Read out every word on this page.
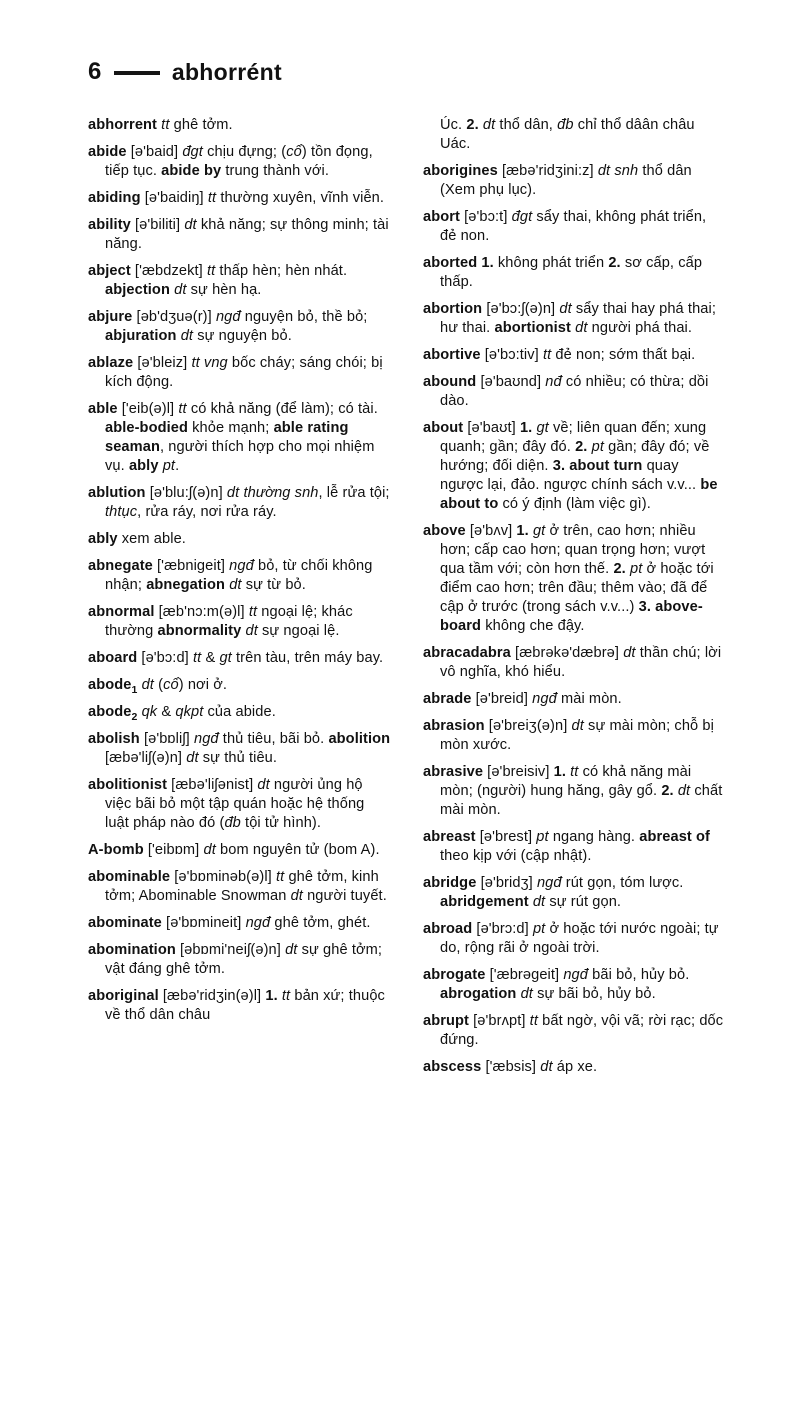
6	abhorrént
abhorrent tt ghê tởm.
abide [ə'baid] đgt chịu đựng; (cổ) tồn đọng, tiếp tục. abide by trung thành với.
abiding [ə'baidiŋ] tt thường xuyên, vĩnh viễn.
ability [ə'biliti] dt khả năng; sự thông minh; tài năng.
abject ['æbdzekt] tt thấp hèn; hèn nhát. abjection dt sự hèn hạ.
abjure [əb'dʒuə(r)] ngđ nguyện bỏ, thề bỏ; abjuration dt sự nguyện bỏ.
ablaze [ə'bleiz] tt vng bốc cháy; sáng chói; bị kích động.
able ['eib(ə)l] tt có khả năng (để làm); có tài. able-bodied khỏe mạnh; able rating seaman, người thích hợp cho mọi nhiệm vụ. ably pt.
ablution [ə'blu:ʃ(ə)n] dt thường snh, lễ rửa tội; thtục, rửa ráy, nơi rửa ráy.
ably xem able.
abnegate ['æbnigeit] ngđ bỏ, từ chối không nhận; abnegation dt sự từ bỏ.
abnormal [æb'nɔ:m(ə)l] tt ngoại lệ; khác thường abnormality dt sự ngoại lệ.
aboard [ə'bɔ:d] tt & gt trên tàu, trên máy bay.
abode$_1$ dt (cổ) nơi ở.
abode$_2$ qk & qkpt của abide.
abolish [ə'bɒliʃ] ngđ thủ tiêu, bãi bỏ. abolition [æbə'liʃ(ə)n] dt sự thủ tiêu.
abolitionist [æbə'liʃənist] dt người ủng hộ việc bãi bỏ một tập quán hoặc hệ thống luật pháp nào đó (đb tội tử hình).
A-bomb ['eibɒm] dt bom nguyên tử (bom A).
abominable [ə'bɒminəb(ə)l] tt ghê tởm, kinh tởm; Abominable Snowman dt người tuyết.
abominate [ə'bɒmineit] ngđ ghê tởm, ghét.
abomination [əbɒmi'neiʃ(ə)n] dt sự ghê tởm; vật đáng ghê tởm.
aboriginal [æbə'ridʒin(ə)l] 1. tt bản xứ; thuộc về thổ dân châu
Úc. 2. dt thổ dân, đb chỉ thổ dâân châu Uác.
aborigines [æbə'ridʒini:z] dt snh thổ dân (Xem phụ lục).
abort [ə'bɔ:t] đgt sẩy thai, không phát triển, đẻ non.
aborted 1. không phát triển 2. sơ cấp, cấp thấp.
abortion [ə'bɔ:ʃ(ə)n] dt sẩy thai hay phá thai; hư thai. abortionist dt người phá thai.
abortive [ə'bɔ:tiv] tt đẻ non; sớm thất bại.
abound [ə'baʊnd] nđ có nhiều; có thừa; dồi dào.
about [ə'baʊt] 1. gt về; liên quan đến; xung quanh; gần; đây đó. 2. pt gần; đây đó; về hướng; đối diện. 3. about turn quay ngược lại, đảo. ngược chính sách v.v... be about to có ý định (làm việc gì).
above [ə'bʌv] 1. gt ở trên, cao hơn; nhiều hơn; cấp cao hơn; quan trọng hơn; vượt qua tầm với; còn hơn thế. 2. pt ở hoặc tới điểm cao hơn; trên đầu; thêm vào; đã để cập ở trước (trong sách v.v...) 3. above-board không che đậy.
abracadabra [æbrəkə'dæbrə] dt thần chú; lời vô nghĩa, khó hiểu.
abrade [ə'breid] ngđ mài mòn.
abrasion [ə'breiʒ(ə)n] dt sự mài mòn; chỗ bị mòn xước.
abrasive [ə'breisiv] 1. tt có khả năng mài mòn; (người) hung hăng, gây gổ. 2. dt chất mài mòn.
abreast [ə'brest] pt ngang hàng. abreast of theo kịp với (cập nhật).
abridge [ə'bridʒ] ngđ rút gọn, tóm lược. abridgement dt sự rút gọn.
abroad [ə'brɔ:d] pt ở hoặc tới nước ngoài; tự do, rộng rãi ở ngoài trời.
abrogate ['æbrəgeit] ngđ bãi bỏ, hủy bỏ. abrogation dt sự bãi bỏ, hủy bỏ.
abrupt [ə'brʌpt] tt bất ngờ, vội vã; rời rạc; dốc đứng.
abscess ['æbsis] dt áp xe.
